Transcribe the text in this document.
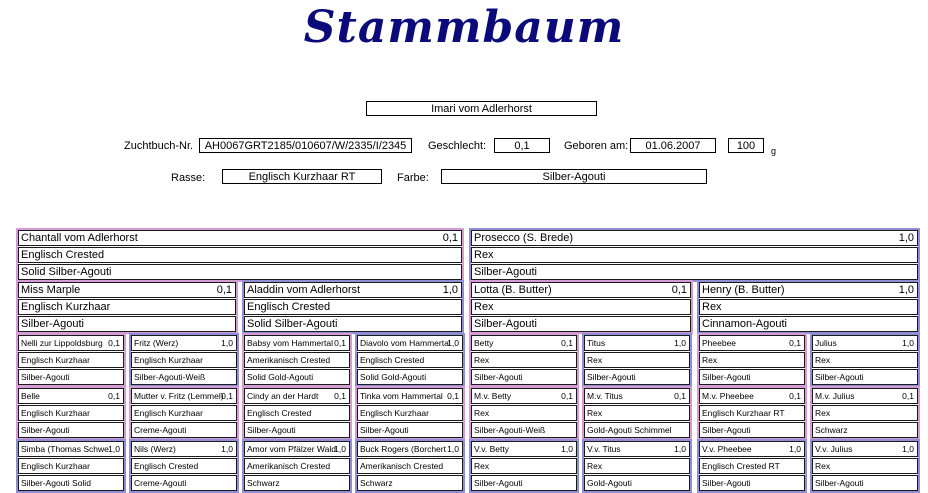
Stammbaum
Imari vom Adlerhorst
Zuchtbuch-Nr.	AH0067GRT2185/010607/W/2335/I/2345	Geschlecht:	0,1	Geboren am:	01.06.2007	100	g
Rasse:	Englisch Kurzhaar RT	Farbe:	Silber-Agouti
Chantall vom Adlerhorst	0,1
Englisch Crested
Solid Silber-Agouti
Prosecco (S. Brede)	1,0
Rex
Silber-Agouti
Miss Marple	0,1
Englisch Kurzhaar
Silber-Agouti
Aladdin vom Adlerhorst	1,0
Englisch Crested
Solid Silber-Agouti
Lotta (B. Butter)	0,1
Rex
Silber-Agouti
Henry (B. Butter)	1,0
Rex
Cinnamon-Agouti
Nelli zur Lippoldsburg 0,1
Englisch Kurzhaar
Silber-Agouti
Fritz (Werz)	1,0
Englisch Kurzhaar
Silber-Agouti-Weiß
Babsy vom Hammertal 0,1
Amerikanisch Crested
Solid Gold-Agouti
Diavolo vom Hammertal
1,0
Englisch Crested
Solid Gold-Agouti
Betty	0,1
Rex
Silber-Agouti
Titus	1,0
Rex
Silber-Agouti
Pheebee	0,1
Rex
Silber-Agouti
Julius	1,0
Rex
Silber-Agouti
Belle	0,1
Englisch Kurzhaar
Silber-Agouti
Mutter v. Fritz (Lemmel)
0,1
Englisch Kurzhaar
Creme-Agouti
Cindy an der Hardt	0,1
Englisch Crested
Silber-Agouti
Tinka vom Hammertal 0,1
Englisch Kurzhaar
Silber-Agouti
M.v. Betty	0,1
Rex
Silber-Agouti-Weiß
M.v. Titus	0,1
Rex
Gold-Agouti Schimmel
M.v. Pheebee	0,1
Englisch Kurzhaar RT
Silber-Agouti
M.v. Julius	0,1
Rex
Schwarz
Simba (Thomas Schwe 1,0
Englisch Kurzhaar
Silber-Agouti Solid
Nils (Werz)	1,0
Englisch Crested
Creme-Agouti
Amor vom Pfälzer Wald
1,0
Amerikanisch Crested
Schwarz
Buck Rogers (Borchert 1,0
Amerikanisch Crested
Schwarz
V.v. Betty	1,0
Rex
Silber-Agouti
V.v. Titus	1,0
Rex
Gold-Agouti
V.v. Pheebee	1,0
Englisch Crested RT
Silber-Agouti
V.v. Julius	1,0
Rex
Silber-Agouti
